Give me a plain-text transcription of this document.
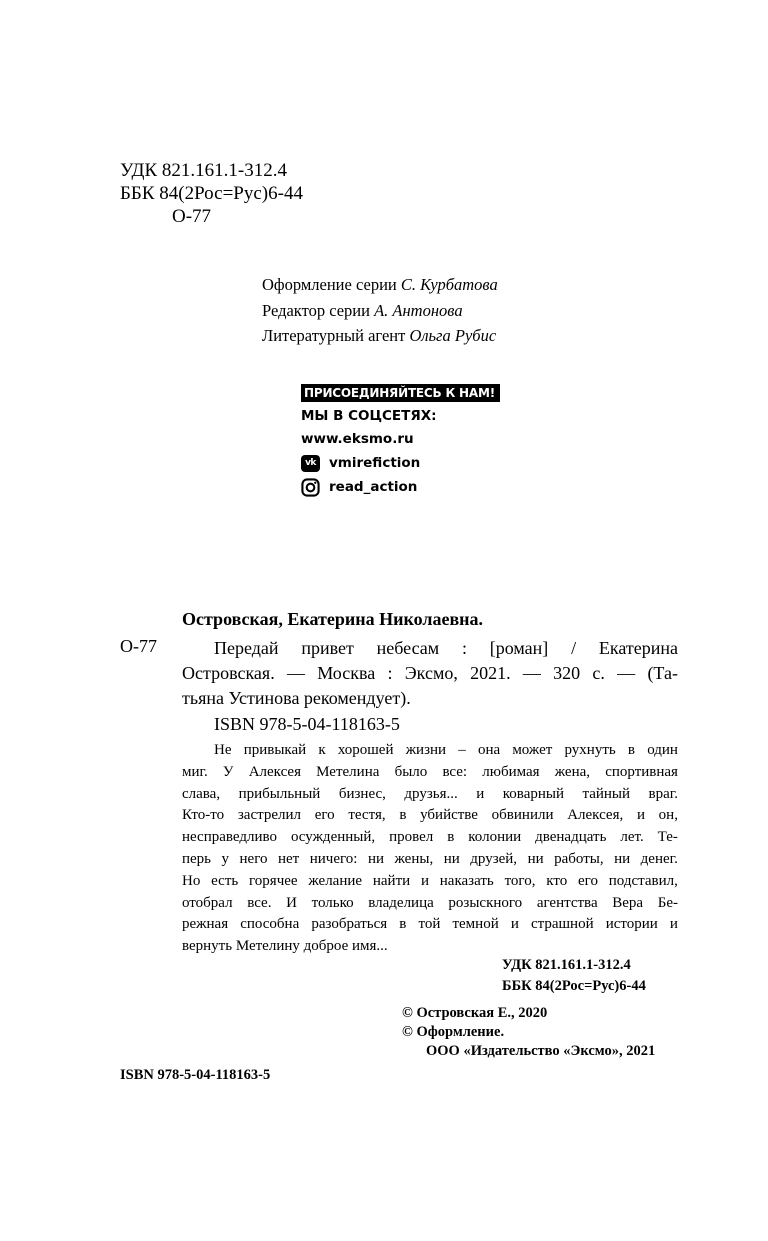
УДК 821.161.1-312.4
ББК 84(2Рос=Рус)6-44
О-77
Оформление серии С. Курбатова
Редактор серии А. Антонова
Литературный агент Ольга Рубис
ПРИСОЕДИНЯЙТЕСЬ К НАМ!
МЫ В СОЦСЕТЯХ:
www.eksmo.ru
vk vmirefiction
read_action
Островская, Екатерина Николаевна.
О-77	Передай привет небесам : [роман] / Екатерина
Островская. — Москва : Эксмо, 2021. — 320 с. — (Та-
тьяна Устинова рекомендует).
ISBN 978-5-04-118163-5
Не привыкай к хорошей жизни – она может рухнуть в один
миг. У Алексея Метелина было все: любимая жена, спортивная
слава, прибыльный бизнес, друзья... и коварный тайный враг.
Кто-то застрелил его тестя, в убийстве обвинили Алексея, и он,
несправедливо осужденный, провел в колонии двенадцать лет. Те-
перь у него нет ничего: ни жены, ни друзей, ни работы, ни денег.
Но есть горячее желание найти и наказать того, кто его подставил,
отобрал все. И только владелица розыскного агентства Вера Бе-
режная способна разобраться в той темной и страшной истории и
вернуть Метелину доброе имя...
УДК 821.161.1-312.4
ББК 84(2Рос=Рус)6-44
© Островская Е., 2020
© Оформление.
ООО «Издательство «Эксмо», 2021
ISBN 978-5-04-118163-5
